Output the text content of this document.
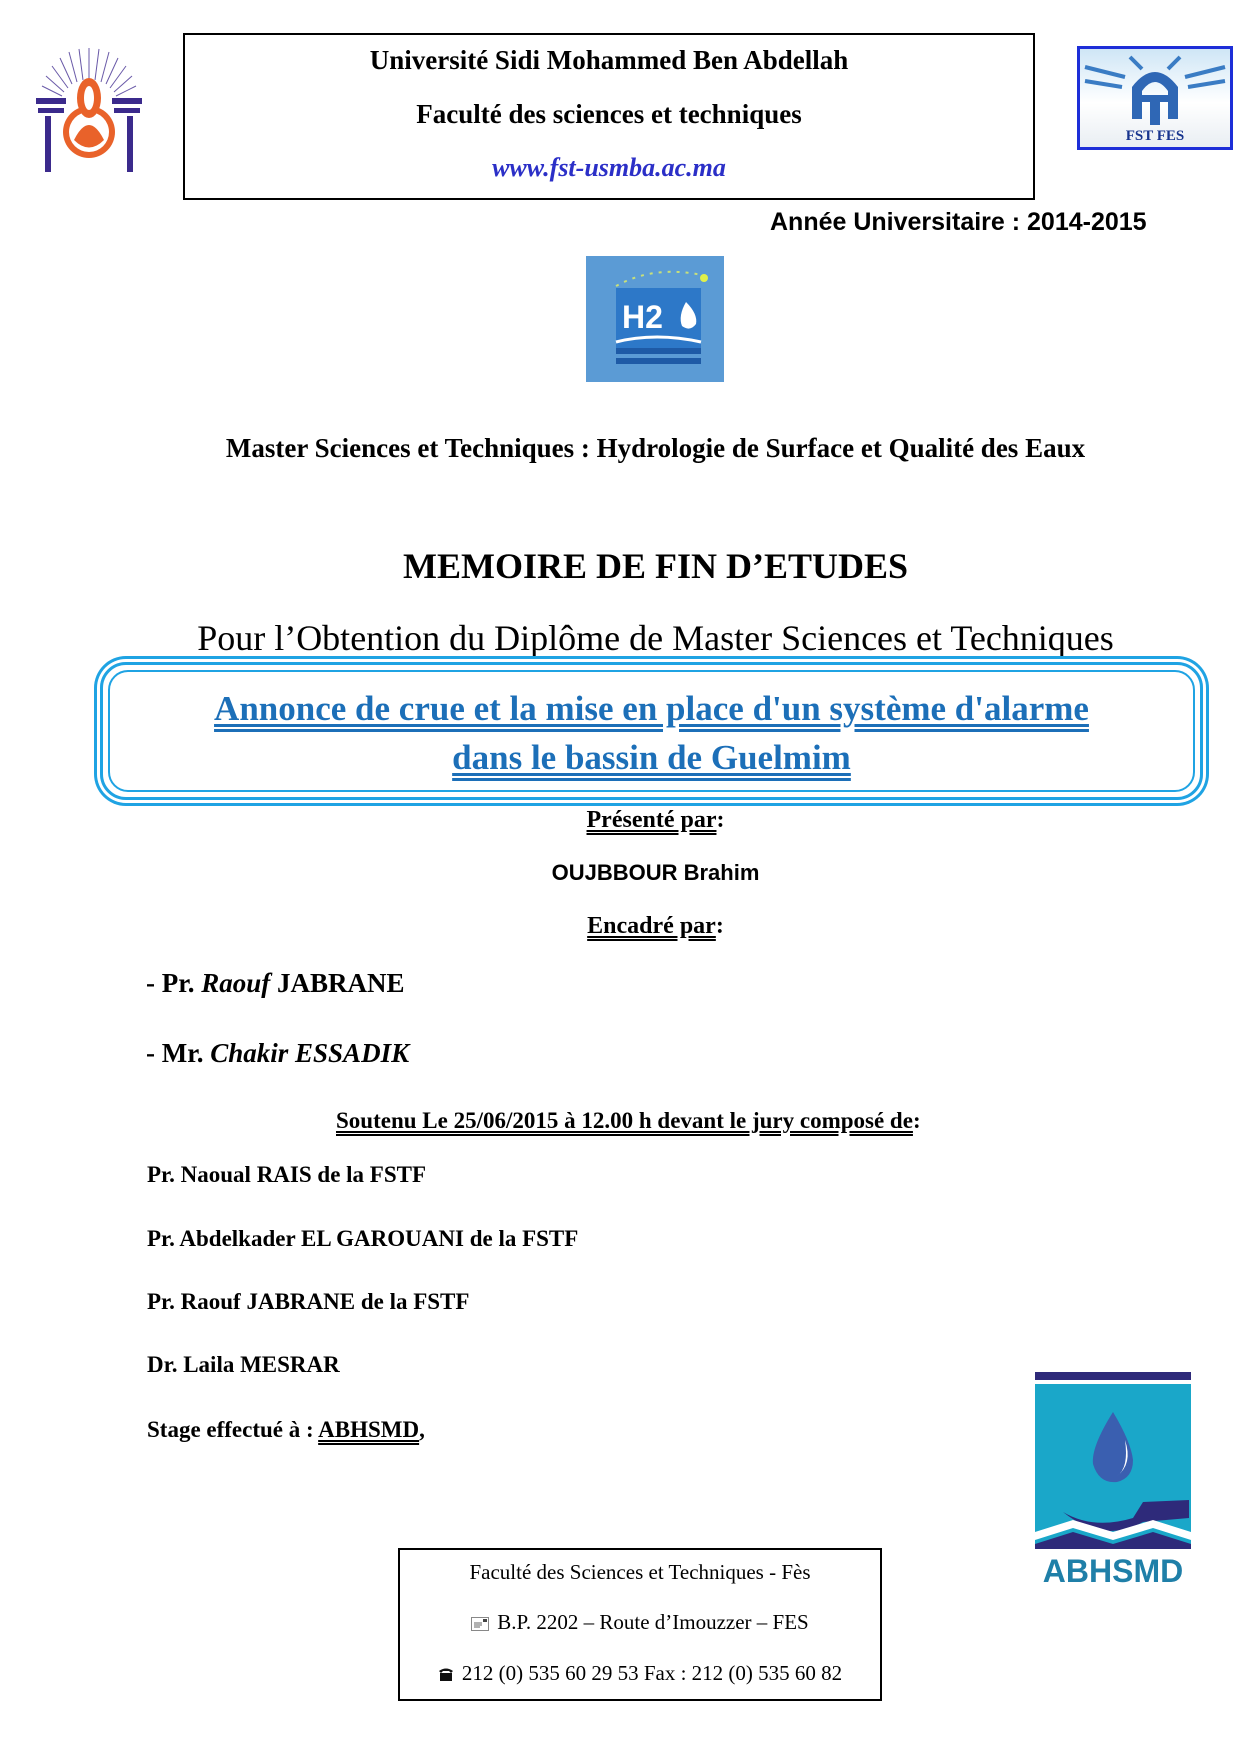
Université Sidi Mohammed Ben Abdellah
Faculté des sciences et techniques
www.fst-usmba.ac.ma
FST FES
Année Universitaire : 2014-2015
H2
Master Sciences et Techniques : Hydrologie de Surface et Qualité des Eaux
MEMOIRE DE FIN D’ETUDES
Pour l’Obtention du Diplôme de Master Sciences et Techniques
Annonce de crue et la mise en place d'un système d'alarme
dans le bassin de Guelmim
Présenté par:
OUJBBOUR Brahim
Encadré par:
- Pr. Raouf JABRANE
- Mr. Chakir ESSADIK
Soutenu Le 25/06/2015 à 12.00 h devant le jury composé de:
Pr. Naoual RAIS de la FSTF
Pr. Abdelkader EL GAROUANI de la FSTF
Pr. Raouf JABRANE de la FSTF
Dr. Laila MESRAR
Stage effectué à : ABHSMD,
ABHSMD
Faculté des Sciences et Techniques - Fès
B.P. 2202 – Route d’Imouzzer – FES
212 (0) 535 60 29 53 Fax : 212 (0) 535 60 82
